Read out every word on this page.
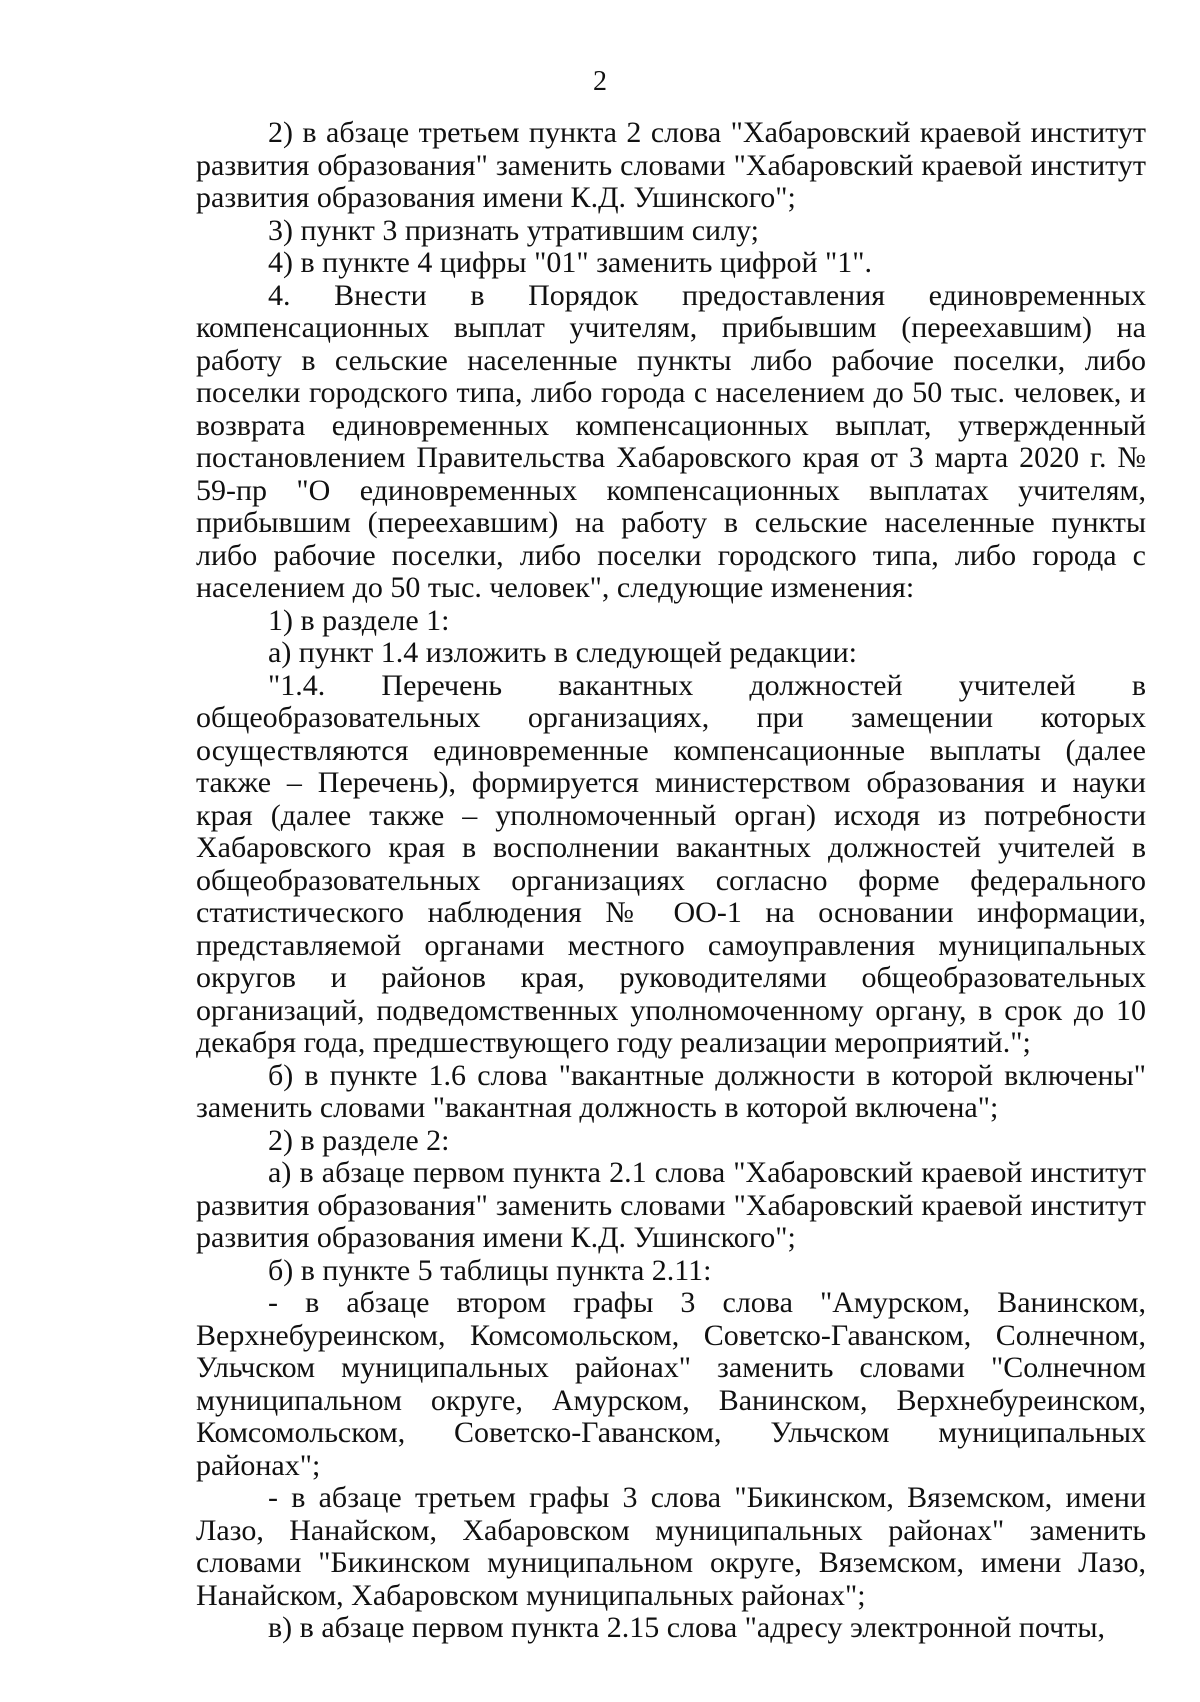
2

2) в абзаце третьем пункта 2 слова "Хабаровский краевой институт развития образования" заменить словами "Хабаровский краевой институт развития образования имени К.Д. Ушинского";

3) пункт 3 признать утратившим силу;

4) в пункте 4 цифры "01" заменить цифрой "1".

4. Внести в Порядок предоставления единовременных компенсационных выплат учителям, прибывшим (переехавшим) на работу в сельские населенные пункты либо рабочие поселки, либо поселки городского типа, либо города с населением до 50 тыс. человек, и возврата единовременных компенсационных выплат, утвержденный постановлением Правительства Хабаровского края от 3 марта 2020 г. № 59-пр "О единовременных компенсационных выплатах учителям, прибывшим (переехавшим) на работу в сельские населенные пункты либо рабочие поселки, либо поселки городского типа, либо города с населением до 50 тыс. человек", следующие изменения:

1) в разделе 1:

а) пункт 1.4 изложить в следующей редакции:

"1.4. Перечень вакантных должностей учителей в общеобразовательных организациях, при замещении которых осуществляются единовременные компенсационные выплаты (далее также – Перечень), формируется министерством образования и науки края (далее также – уполномоченный орган) исходя из потребности Хабаровского края в восполнении вакантных должностей учителей в общеобразовательных организациях согласно форме федерального статистического наблюдения № ОО-1 на основании информации, представляемой органами местного самоуправления муниципальных округов и районов края, руководителями общеобразовательных организаций, подведомственных уполномоченному органу, в срок до 10 декабря года, предшествующего году реализации мероприятий.";

б) в пункте 1.6 слова "вакантные должности в которой включены" заменить словами "вакантная должность в которой включена";

2) в разделе 2:

а) в абзаце первом пункта 2.1 слова "Хабаровский краевой институт развития образования" заменить словами "Хабаровский краевой институт развития образования имени К.Д. Ушинского";

б) в пункте 5 таблицы пункта 2.11:

- в абзаце втором графы 3 слова "Амурском, Ванинском, Верхнебуреинском, Комсомольском, Советско-Гаванском, Солнечном, Ульчском муниципальных районах" заменить словами "Солнечном муниципальном округе, Амурском, Ванинском, Верхнебуреинском, Комсомольском, Советско-Гаванском, Ульчском муниципальных районах";

- в абзаце третьем графы 3 слова "Бикинском, Вяземском, имени Лазо, Нанайском, Хабаровском муниципальных районах" заменить словами "Бикинском муниципальном округе, Вяземском, имени Лазо, Нанайском, Хабаровском муниципальных районах";

в) в абзаце первом пункта 2.15 слова "адресу электронной почты,
